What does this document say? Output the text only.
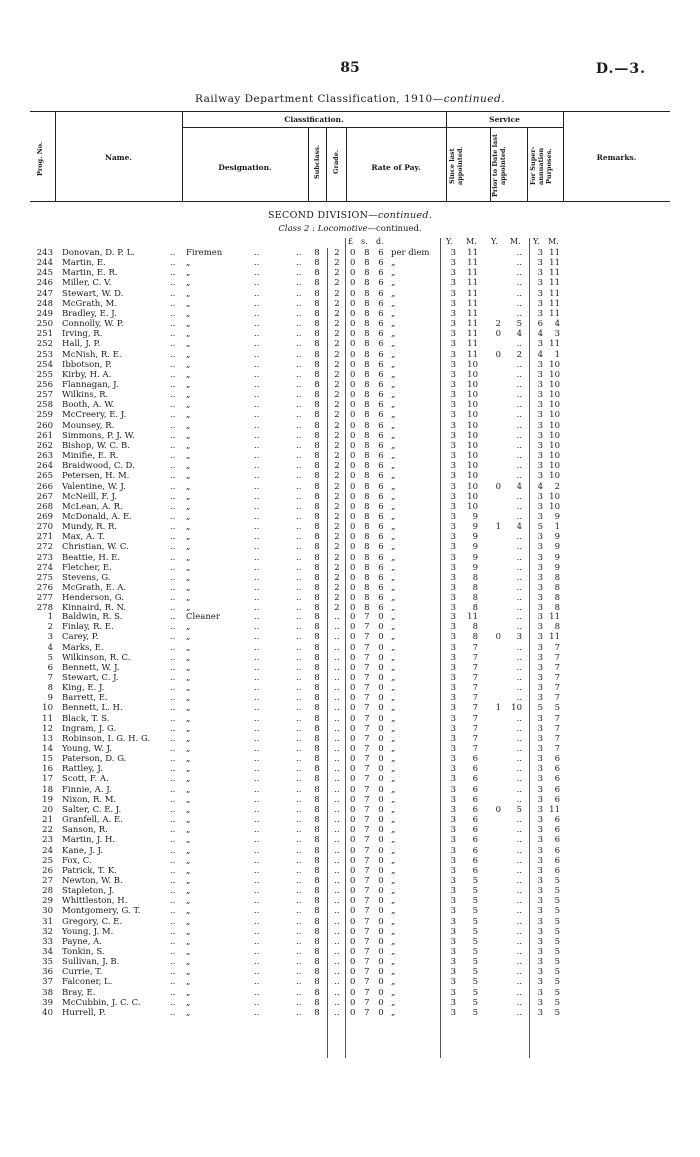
85	D.—3.
Railway Department Classification, 1910—continued.
Prog. No.	Name.
Classification.
Designation.	Subclass. Grade.	Rate of Pay.
Service
Since last appointed.	Prior to Date last appointed.	For Super-annuation Purposes.	Remarks.
SECOND DIVISION—continued.
Class 2 : Locomotive—continued.
£ s. d.	Y. M. Y. M. Y. M.
243 Donovan, D. P. L.	.. Firemen	..	.. 8	2	0 8 6 per diem	3 11	..	3 11
244 Martin, E.	.. „	..	.. 8	2	0 8 6 „	3 11	..	3 11
245 Martin, E. R.	.. „	..	.. 8	2	0 8 6 „	3 11	..	3 11
246 Miller, C. V.	.. „	..	.. 8	2	0 8 6 „	3 11	..	3 11
247 Stewart, W. D.	.. „	..	.. 8	2	0 8 6 „	3 11	..	3 11
248 McGrath, M.	.. „	..	.. 8	2	0 8 6 „	3 11	..	3 11
249 Bradley, E. J.	.. „	..	.. 8	2	0 8 6 „	3 11	..	3 11
250 Connolly, W. P.	.. „	..	.. 8	2	0 8 6 „	3 11	2	5	6	4
251 Irving, R.	.. „	..	.. 8	2	0 8 6 „	3 11	0	4	4	3
252 Hall, J. P.	.. „	..	.. 8	2	0 8 6 „	3 11	..	3 11
253 McNish, R. E.	.. „	..	.. 8	2	0 8 6 „	3 11	0	2	4	1
254 Ibbotson, P.	.. „	..	.. 8	2	0 8 6 „	3 10	..	3 10
255 Kirby, H. A.	.. „	..	.. 8	2	0 8 6 „	3 10	..	3 10
256 Flannagan, J.	.. „	..	.. 8	2	0 8 6 „	3 10	..	3 10
257 Wilkins, R.	.. „	..	.. 8	2	0 8 6 „	3 10	..	3 10
258 Booth, A. W.	.. „	..	.. 8	2	0 8 6 „	3 10	..	3 10
259 McCreery, E. J.	.. „	..	.. 8	2	0 8 6 „	3 10	..	3 10
260 Mounsey, R.	.. „	..	.. 8	2	0 8 6 „	3 10	..	3 10
261 Simmons, P. J. W.	.. „	..	.. 8	2	0 8 6 „	3 10	..	3 10
262 Bishop, W. C. B.	.. „	..	.. 8	2	0 8 6 „	3 10	..	3 10
263 Minifie, E. R.	.. „	..	.. 8	2	0 8 6 „	3 10	..	3 10
264 Braidwood, C. D.	.. „	..	.. 8	2	0 8 6 „	3 10	..	3 10
265 Petersen, H. M.	.. „	..	.. 8	2	0 8 6 „	3 10	..	3 10
266 Valentine, W. J.	.. „	..	.. 8	2	0 8 6 „	3 10	0	4	4	2
267 McNeill, F. J.	.. „	..	.. 8	2	0 8 6 „	3 10	..	3 10
268 McLean, A. R.	.. „	..	.. 8	2	0 8 6 „	3 10	..	3 10
269 McDonald, A. E.	.. „	..	.. 8	2	0 8 6 „	3	9	..	3	9
270 Mundy, R. R.	.. „	..	.. 8	2	0 8 6 „	3	9	1	4	5	1
271 Max, A. T.	.. „	..	.. 8	2	0 8 6 „	3	9	..	3	9
272 Christian, W. C.	.. „	..	.. 8	2	0 8 6 „	3	9	..	3	9
273 Beattie, H. E.	.. „	..	.. 8	2	0 8 6 „	3	9	..	3	9
274 Fletcher, E.	.. „	..	.. 8	2	0 8 6 „	3	9	..	3	9
275 Stevens, G.	.. „	..	.. 8	2	0 8 6 „	3	8	..	3	8
276 McGrath, E. A.	.. „	..	.. 8	2	0 8 6 „	3	8	..	3	8
277 Henderson, G.	.. „	..	.. 8	2	0 8 6 „	3	8	..	3	8
278 Kinnaird, R. N.	.. „	..	.. 8	2	0 8 6 „	3	8	..	3	8
1 Baldwin, R. S.	.. Cleaner	..	.. 8	..	0 7 0 „	3 11	..	3 11
2 Finlay, R. E.	.. „	..	.. 8	..	0 7 0 „	3	8	..	3	8
3 Carey, P.	.. „	..	.. 8	..	0 7 0 „	3	8	0	3	3 11
4 Marks, E.	.. „	..	.. 8	..	0 7 0 „	3	7	..	3	7
5 Wilkinson, R. C.	.. „	..	.. 8	..	0 7 0 „	3	7	..	3	7
6 Bennett, W. J.	.. „	..	.. 8	..	0 7 0 „	3	7	..	3	7
7 Stewart, C. J.	.. „	..	.. 8	..	0 7 0 „	3	7	..	3	7
8 King, E. J.	.. „	..	.. 8	..	0 7 0 „	3	7	..	3	7
9 Barrett, E.	.. „	..	.. 8	..	0 7 0 „	3	7	..	3	7
10 Bennett, L. H.	.. „	..	.. 8	..	0 7 0 „	3	7	1 10	5	5
11 Black, T. S.	.. „	..	.. 8	..	0 7 0 „	3	7	..	3	7
12 Ingram, J. G.	.. „	..	.. 8	..	0 7 0 „	3	7	..	3	7
13 Robinson, I. G. H. G. .. „	..	.. 8	..	0 7 0 „	3	7	..	3	7
14 Young, W. J.	.. „	..	.. 8	..	0 7 0 „	3	7	..	3	7
15 Paterson, D. G.	.. „	..	.. 8	..	0 7 0 „	3	6	..	3	6
16 Rattley, J.	.. „	..	.. 8	..	0 7 0 „	3	6	..	3	6
17 Scott, F. A.	.. „	..	.. 8	..	0 7 0 „	3	6	..	3	6
18 Finnie, A. J.	.. „	..	.. 8	..	0 7 0 „	3	6	..	3	6
19 Nixon, R. M.	.. „	..	.. 8	..	0 7 0 „	3	6	..	3	6
20 Salter, C. E. J.	.. „	..	.. 8	..	0 7 0 „	3	6	0	5	3 11
21 Granfell, A. E.	.. „	..	.. 8	..	0 7 0 „	3	6	..	3	6
22 Sanson, R.	.. „	..	.. 8	..	0 7 0 „	3	6	..	3	6
23 Martin, J. H.	.. „	..	.. 8	..	0 7 0 „	3	6	..	3	6
24 Kane, J. J.	.. „	..	.. 8	..	0 7 0 „	3	6	..	3	6
25 Fox, C.	.. „	..	.. 8	..	0 7 0 „	3	6	..	3	6
26 Patrick, T. K.	.. „	..	.. 8	..	0 7 0 „	3	6	..	3	6
27 Newton, W. B.	.. „	..	.. 8	..	0 7 0 „	3	5	..	3	5
28 Stapleton, J.	.. „	..	.. 8	..	0 7 0 „	3	5	..	3	5
29 Whittleston, H.	.. „	..	.. 8	..	0 7 0 „	3	5	..	3	5
30 Montgomery, G. T.	.. „	..	.. 8	..	0 7 0 „	3	5	..	3	5
31 Gregory, C. E.	.. „	..	.. 8	..	0 7 0 „	3	5	..	3	5
32 Young, J. M.	.. „	..	.. 8	..	0 7 0 „	3	5	..	3	5
33 Payne, A.	.. „	..	.. 8	..	0 7 0 „	3	5	..	3	5
34 Tonkin, S.	.. „	..	.. 8	..	0 7 0 „	3	5	..	3	5
35 Sullivan, J. B.	.. „	..	.. 8	..	0 7 0 „	3	5	..	3	5
36 Currie, T.	.. „	..	.. 8	..	0 7 0 „	3	5	..	3	5
37 Falconer, L.	.. „	..	.. 8	..	0 7 0 „	3	5	..	3	5
38 Bray, E.	.. „	..	.. 8	..	0 7 0 „	3	5	..	3	5
39 McCubbin, J. C. C.	.. „	..	.. 8	..	0 7 0 „	3	5	..	3	5
40 Hurrell, P.	.. „	..	.. 8	..	0 7 0 „	3	5	..	3	5
